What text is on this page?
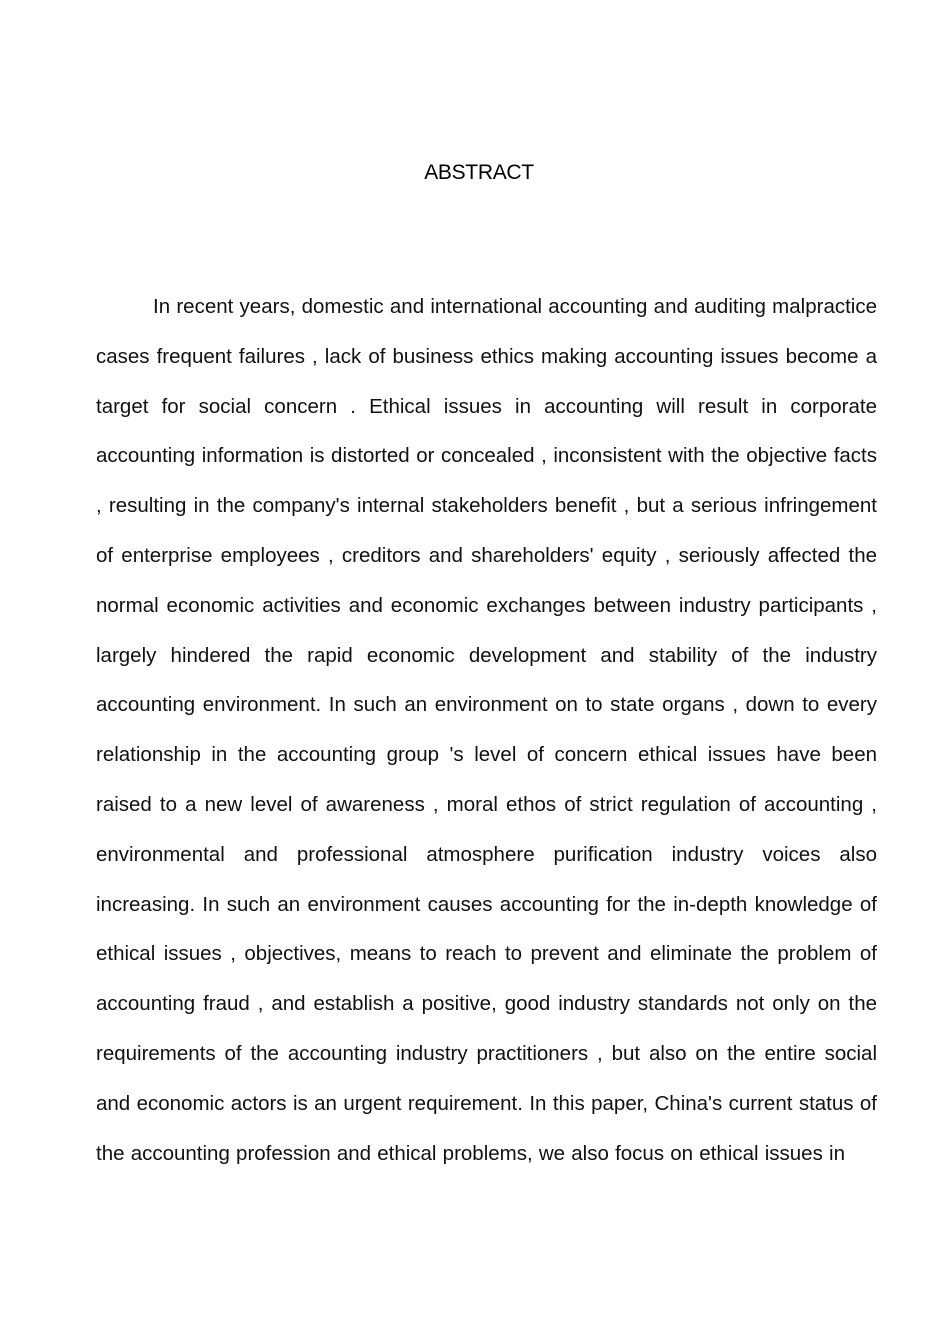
ABSTRACT

In recent years, domestic and international accounting and auditing malpractice cases frequent failures , lack of business ethics making accounting issues become a target for social concern . Ethical issues in accounting will result in corporate accounting information is distorted or concealed , inconsistent with the objective facts , resulting in the company's internal stakeholders benefit , but a serious infringement of enterprise employees , creditors and shareholders' equity , seriously affected the normal economic activities and economic exchanges between industry participants , largely hindered the rapid economic development and stability of the industry accounting environment. In such an environment on to state organs , down to every relationship in the accounting group 's level of concern ethical issues have been raised to a new level of awareness , moral ethos of strict regulation of accounting , environmental and professional atmosphere purification industry voices also increasing. In such an environment causes accounting for the in-depth knowledge of ethical issues , objectives, means to reach to prevent and eliminate the problem of accounting fraud , and establish a positive, good industry standards not only on the requirements of the accounting industry practitioners , but also on the entire social and economic actors is an urgent requirement. In this paper, China's current status of the accounting profession and ethical problems, we also focus on ethical issues in
